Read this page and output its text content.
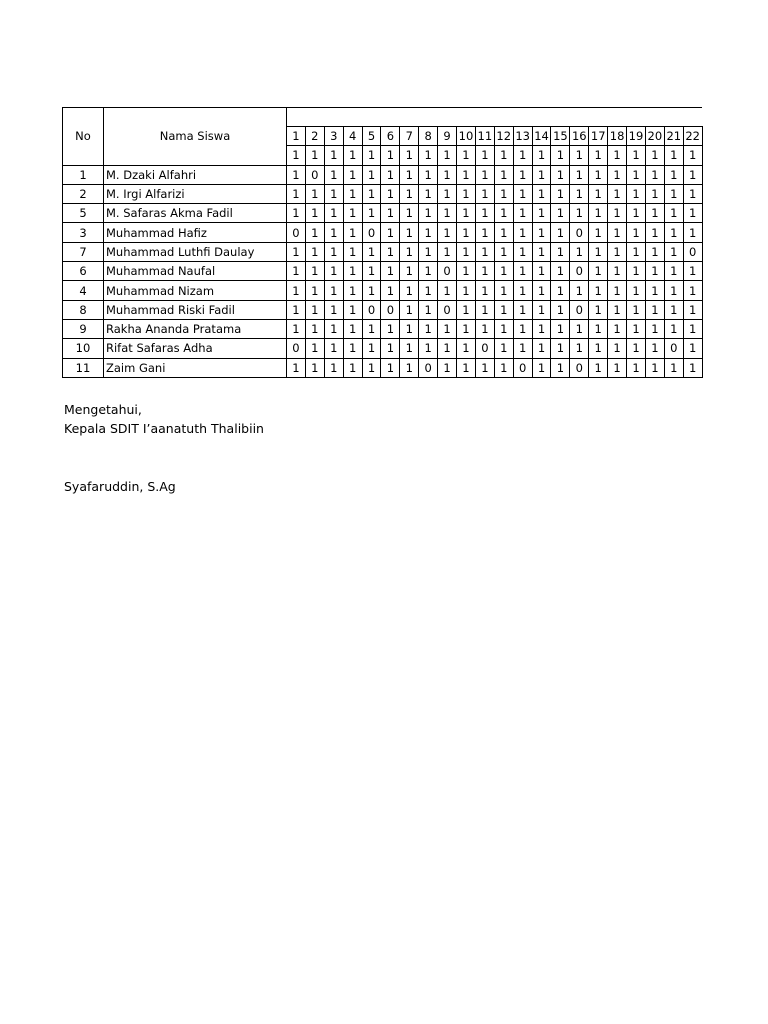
No	Nama Siswa																						
		1	2	3	4	5	6	7	8	9	10	11	12	13	14	15	16	17	18	19	20	21	22
		1	1	1	1	1	1	1	1	1	1	1	1	1	1	1	1	1	1	1	1	1	1
1	M. Dzaki Alfahri	1	0	1	1	1	1	1	1	1	1	1	1	1	1	1	1	1	1	1	1	1	1
2	M. Irgi Alfarizi	1	1	1	1	1	1	1	1	1	1	1	1	1	1	1	1	1	1	1	1	1	1
5	M. Safaras Akma Fadil	1	1	1	1	1	1	1	1	1	1	1	1	1	1	1	1	1	1	1	1	1	1
3	Muhammad Hafiz	0	1	1	1	0	1	1	1	1	1	1	1	1	1	1	0	1	1	1	1	1	1
7	Muhammad Luthfi Daulay	1	1	1	1	1	1	1	1	1	1	1	1	1	1	1	1	1	1	1	1	1	0
6	Muhammad Naufal	1	1	1	1	1	1	1	1	0	1	1	1	1	1	1	0	1	1	1	1	1	1
4	Muhammad Nizam	1	1	1	1	1	1	1	1	1	1	1	1	1	1	1	1	1	1	1	1	1	1
8	Muhammad Riski Fadil	1	1	1	1	0	0	1	1	0	1	1	1	1	1	1	0	1	1	1	1	1	1
9	Rakha Ananda Pratama	1	1	1	1	1	1	1	1	1	1	1	1	1	1	1	1	1	1	1	1	1	1
10	Rifat Safaras Adha	0	1	1	1	1	1	1	1	1	1	0	1	1	1	1	1	1	1	1	1	0	1
11	Zaim Gani	1	1	1	1	1	1	1	0	1	1	1	1	0	1	1	0	1	1	1	1	1	1
Mengetahui,
Kepala SDIT I’aanatuth Thalibiin
Syafaruddin, S.Ag
